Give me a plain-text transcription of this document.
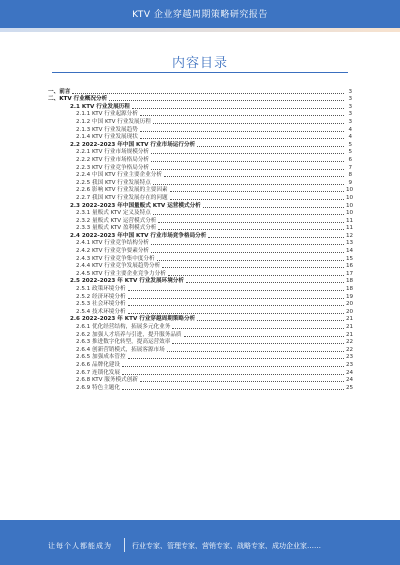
KTV 企业穿越周期策略研究报告
内容目录
一、前言	3
二、KTV 行业概况分析	3
2.1 KTV 行业发展历程	3
2.1.1 KTV 行业起源分析	3
2.1.2 中国 KTV 行业发展历程	3
2.1.3 KTV 行业发展趋势	4
2.1.4 KTV 行业发展现状	4
2.2 2022-2023 年中国 KTV 行业市场运行分析	5
2.2.1 KTV 行业市场规模分析	5
2.2.2 KTV 行业市场格局分析	6
2.2.3 KTV 行业竞争格局分析	7
2.2.4 中国 KTV 行业主要企业分析	8
2.2.5 我国 KTV 行业发展特点	9
2.2.6 影响 KTV 行业发展的主要因素	10
2.2.7 我国 KTV 行业发展存在的问题	10
2.3 2022-2023 年中国量贩式 KTV 运营模式分析	10
2.3.1 量贩式 KTV 定义及特点	10
2.3.2 量贩式 KTV 运营模式分析	11
2.3.3 量贩式 KTV 盈利模式分析	11
2.4 2022-2023 年中国 KTV 行业市场竞争格局分析	12
2.4.1 KTV 行业竞争结构分析	13
2.4.2 KTV 行业竞争要素分析	14
2.4.3 KTV 行业竞争集中度分析	15
2.4.4 KTV 行业竞争发展趋势分析	16
2.4.5 KTV 行业主要企业竞争力分析	17
2.5 2022-2023 年 KTV 行业发展环境分析	18
2.5.1 政策环境分析	18
2.5.2 经济环境分析	19
2.5.3 社会环境分析	20
2.5.4 技术环境分析	20
2.6 2022-2023 年 KTV 行业穿越周期策略分析	21
2.6.1 优化经营结构，拓展多元化业务	21
2.6.2 加强人才培养与引进，提升服务品质	21
2.6.3 推进数字化转型，提高运营效率	22
2.6.4 创新营销模式，拓展客源市场	22
2.6.5 加强成本管控	23
2.6.6 品牌化建设	23
2.6.7 连锁化发展	24
2.6.8 KTV 服务模式创新	24
2.6.9 特色主题化	25
让每个人都能成为	行业专家、管理专家、营销专家、战略专家、成功企业家……
